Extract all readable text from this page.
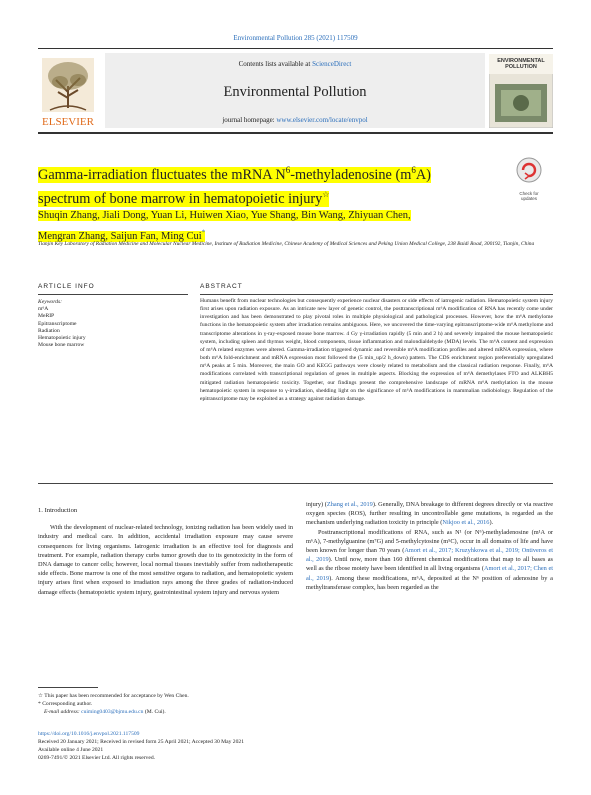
Environmental Pollution 285 (2021) 117509
ELSEVIER
Contents lists available at ScienceDirect
Environmental Pollution
journal homepage: www.elsevier.com/locate/envpol
ENVIRONMENTAL POLLUTION
Gamma-irradiation fluctuates the mRNA $N^6$-methyladenosine $(m^6A)$
spectrum of bone marrow in hematopoietic injury☆	Check for updates
Shuqin Zhang, Jiali Dong, Yuan Li, Huiwen Xiao, Yue Shang, Bin Wang, Zhiyuan Chen,
Mengran Zhang, Saijun Fan, Ming Cui*
Tianjin Key Laboratory of Radiation Medicine and Molecular Nuclear Medicine, Institute of Radiation Medicine, Chinese Academy of Medical Sciences and Peking Union Medical College, 238 Baidi Road, 300192, Tianjin, China
ARTICLE INFO	ABSTRACT
Keywords:
m⁶A
MeRIP
Epitranscriptome
Radiation
Hematopoietic injury
Mouse bone marrow
Humans benefit from nuclear technologies but consequently experience nuclear disasters or side effects of iatrogenic radiation. Hematopoietic system injury first arises upon radiation exposure. As an intricate new layer of genetic control, the posttranscriptional m⁶A modification of RNA has recently come under investigation and has been demonstrated to play pivotal roles in multiple physiological and pathological processes. However, how the m⁶A methylome functions in the hematopoietic system after irradiation remains ambiguous. Here, we uncovered the time-varying epitranscriptome-wide m⁶A methylome and transcriptome alterations in γ-ray-exposed mouse bone marrow. 4 Gy γ-irradiation rapidly (5 min and 2 h) and severely impaired the mouse hematopoietic system, including spleen and thymus weight, blood components, tissue inflammation and malondialdehyde (MDA) levels. The m⁶A content and expression of m⁶A related enzymes were altered. Gamma-irradiation triggered dynamic and reversible m⁶A modification profiles and altered mRNA expression, where both m⁶A fold-enrichment and mRNA expression most followed the (5 min_up/2 h_down) pattern. The CDS enrichment region preferentially upregulated m⁶A peaks at 5 min. Moreover, the main GO and KEGG pathways were closely related to metabolism and the classical radiation response. Finally, m⁶A modifications correlated with transcriptional regulation of genes in multiple aspects. Blocking the expression of m⁶A demethylases FTO and ALKBH5 mitigated radiation hematopoietic toxicity. Together, our findings present the comprehensive landscape of mRNA m⁶A methylation in the mouse hematopoietic system in response to γ-irradiation, shedding light on the significance of m⁶A modifications in mammalian radiobiology. Regulation of the epitranscriptome may be exploited as a strategy against radiation damage.
1. Introduction

With the development of nuclear-related technology, ionizing radiation has been widely used in industry and medical care. In addition, accidental irradiation exposure may cause severe consequences for living organisms. Iatrogenic irradiation is an effective tool for diagnosis and treatment. For example, radiation therapy curbs tumor growth due to its genotoxicity in the form of DNA damage to cancer cells; however, local normal tissues inevitably suffer from radiotherapeutic side effects. Bone marrow is one of the most sensitive organs to radiation, and hematopoietic system injury arises first when exposed to irradiation rays among the three grades of radiation-induced damage effects (hematopoietic system injury, gastrointestinal system injury and nervous system

injury) (Zhang et al., 2019). Generally, DNA breakage to different degrees directly or via reactive oxygen species (ROS), further resulting in uncontrollable gene mutations, is regarded as the mechanism underlying radiation toxicity in principle (Nikjoo et al., 2016).

Posttranscriptional modifications of RNA, such as N¹ (or N⁶)-methyladenosine (m¹A or m⁶A), 7-methylguanine (m⁷G) and 5-methylcytosine (m⁵C), occur in all domains of life and have been known for longer than 70 years (Amort et al., 2017; Kruzyhkowa et al., 2019; Ontiveros et al., 2019). Until now, more than 160 different chemical modifications that map to all bases as well as the ribose moiety have been identified in all living organisms (Amort et al., 2017; Chen et al., 2019). Among these modifications, m⁶A, deposited at the N⁶ position of adenosine by a methyltransferase complex, has been regarded as the

☆ This paper has been recommended for acceptance by Wen Chen.
* Corresponding author.
E-mail address: cuiming0403@bjmu.edu.cn (M. Cui).
https://doi.org/10.1016/j.envpol.2021.117509
Received 20 January 2021; Received in revised form 25 April 2021; Accepted 30 May 2021
Available online 4 June 2021
0269-7491/© 2021 Elsevier Ltd. All rights reserved.
